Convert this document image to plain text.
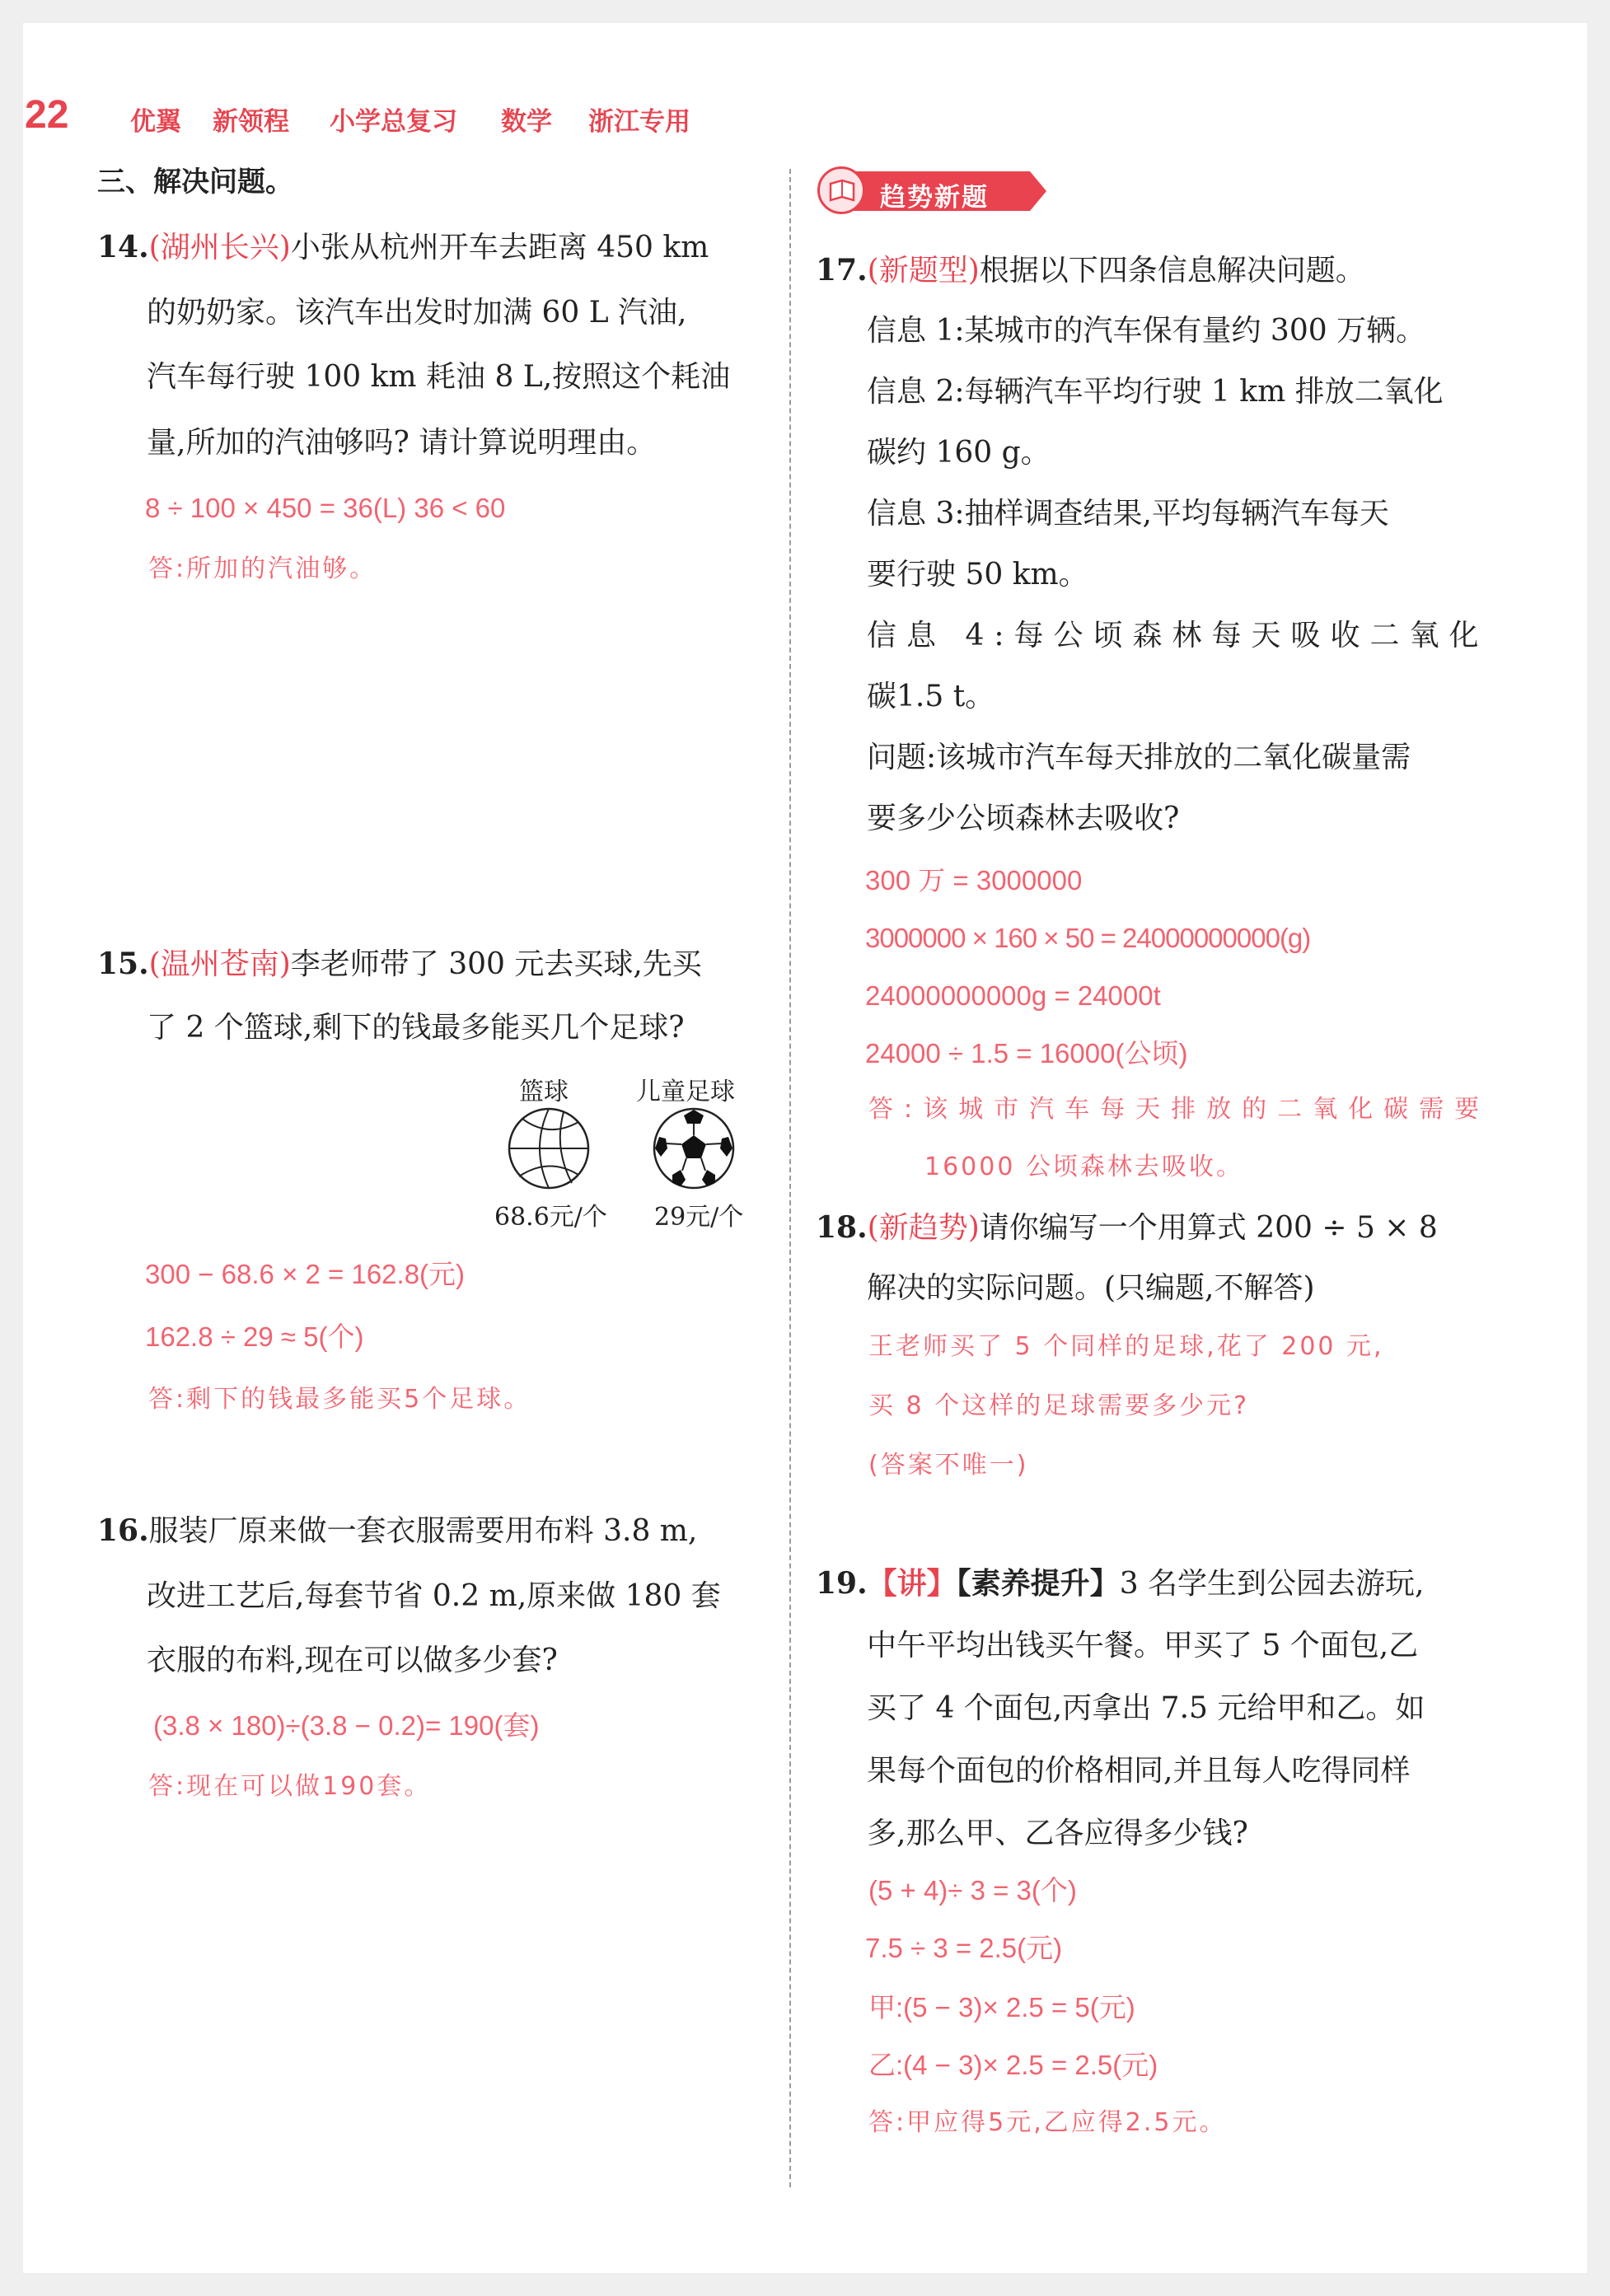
22 优翼 新领程 小学总复习 数学 浙江专用
三、解决问题。
14.(湖州长兴)小张从杭州开车去距离 450 km
的奶奶家。该汽车出发时加满 60 L 汽油,
汽车每行驶 100 km 耗油 8 L,按照这个耗油
量,所加的汽油够吗? 请计算说明理由。
8 ÷ 100 × 450 = 36(L) 36 < 60
答:所加的汽油够。
15.(温州苍南)李老师带了 300 元去买球,先买
了 2 个篮球,剩下的钱最多能买几个足球?
篮球	儿童足球
68.6元/个 29元/个
300 − 68.6 × 2 = 162.8(元)
162.8 ÷ 29 ≈ 5(个)
答:剩下的钱最多能买5个足球。
16.服装厂原来做一套衣服需要用布料 3.8 m,
改进工艺后,每套节省 0.2 m,原来做 180 套
衣服的布料,现在可以做多少套?
(3.8 × 180)÷(3.8 − 0.2)= 190(套)
答:现在可以做190套。
趋势新题
17.(新题型)根据以下四条信息解决问题。
信息 1:某城市的汽车保有量约 300 万辆。
信息 2:每辆汽车平均行驶 1 km 排放二氧化
碳约 160 g。
信息 3:抽样调查结果,平均每辆汽车每天
要行驶 50 km。
信息 4:每公顷森林每天吸收二氧化
碳1.5 t。
问题:该城市汽车每天排放的二氧化碳量需
要多少公顷森林去吸收?
300 万 = 3000000
3000000 × 160 × 50 = 24000000000(g)
24000000000g = 24000t
24000 ÷ 1.5 = 16000(公顷)
答:该城市汽车每天排放的二氧化碳需要
16000 公顷森林去吸收。
18.(新趋势)请你编写一个用算式 200 ÷ 5 × 8
解决的实际问题。(只编题,不解答)
王老师买了 5 个同样的足球,花了 200 元,
买 8 个这样的足球需要多少元?
(答案不唯一)
19.【讲】【素养提升】3 名学生到公园去游玩,
中午平均出钱买午餐。甲买了 5 个面包,乙
买了 4 个面包,丙拿出 7.5 元给甲和乙。如
果每个面包的价格相同,并且每人吃得同样
多,那么甲、乙各应得多少钱?
(5 + 4)÷ 3 = 3(个)
7.5 ÷ 3 = 2.5(元)
甲:(5 − 3)× 2.5 = 5(元)
乙:(4 − 3)× 2.5 = 2.5(元)
答:甲应得5元,乙应得2.5元。
